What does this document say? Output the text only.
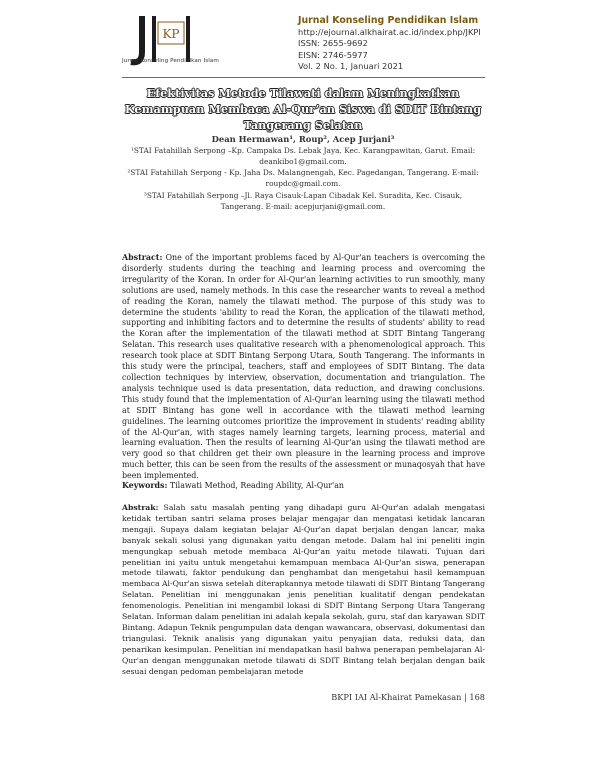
KP
Jurnal Konseling Pendidikan Islam
Jurnal Konseling Pendidikan Islam
http://ejournal.alkhairat.ac.id/index.php/JKPI
ISSN: 2655-9692
EISN: 2746-5977
Vol. 2 No. 1, Januari 2021
Efektivitas Metode Tilawati dalam Meningkatkan Kemampuan Membaca Al-Qur’an Siswa di SDIT Bintang Tangerang Selatan
Dean Hermawan¹, Roup², Acep Jurjani³
¹STAI Fatahillah Serpong –Kp. Campaka Ds. Lebak Jaya, Kec. Karangpawitan, Garut. Email: deankibo1@gmail.com.
²STAI Fatahillah Serpong - Kp. Jaha Ds. Malangnengah, Kec. Pagedangan, Tangerang. E-mail: roupdc@gmail.com.
³STAI Fatahillah Serpong –Jl. Raya Cisauk-Lapan Cibadak Kel. Suradita, Kec. Cisauk, Tangerang. E-mail: acepjurjani@gmail.com.
Abstract: One of the important problems faced by Al-Qur'an teachers is overcoming the disorderly students during the teaching and learning process and overcoming the irregularity of the Koran. In order for Al-Qur'an learning activities to run smoothly, many solutions are used, namely methods. In this case the researcher wants to reveal a method of reading the Koran, namely the tilawati method. The purpose of this study was to determine the students 'ability to read the Koran, the application of the tilawati method, supporting and inhibiting factors and to determine the results of students' ability to read the Koran after the implementation of the tilawati method at SDIT Bintang Tangerang Selatan. This research uses qualitative research with a phenomenological approach. This research took place at SDIT Bintang Serpong Utara, South Tangerang. The informants in this study were the principal, teachers, staff and employees of SDIT Bintang. The data collection techniques by interview, observation, documentation and triangulation. The analysis technique used is data presentation, data reduction, and drawing conclusions. This study found that the implementation of Al-Qur'an learning using the tilawati method at SDIT Bintang has gone well in accordance with the tilawati method learning guidelines. The learning outcomes prioritize the improvement in students' reading ability of the Al-Qur'an, with stages namely learning targets, learning process, material and learning evaluation. Then the results of learning Al-Qur'an using the tilawati method are very good so that children get their own pleasure in the learning process and improve much better, this can be seen from the results of the assessment or munaqosyah that have been implemented.
Keywords: Tilawati Method, Reading Ability, Al-Qur'an
Abstrak: Salah satu masalah penting yang dihadapi guru Al-Qur'an adalah mengatasi ketidak tertiban santri selama proses belajar mengajar dan mengatasi ketidak lancaran mengaji. Supaya dalam kegiatan belajar Al-Qur'an dapat berjalan dengan lancar, maka banyak sekali solusi yang digunakan yaitu dengan metode. Dalam hal ini peneliti ingin mengungkap sebuah metode membaca Al-Qur'an yaitu metode tilawati. Tujuan dari penelitian ini yaitu untuk mengetahui kemampuan membaca Al-Qur'an siswa, penerapan metode tilawati, faktor pendukung dan penghambat dan mengetahui hasil kemampuan membaca Al-Qur'an siswa setelah diterapkannya metode tilawati di SDIT Bintang Tangerang Selatan. Penelitian ini menggunakan jenis penelitian kualitatif dengan pendekatan fenomenologis. Penelitian ini mengambil lokasi di SDIT Bintang Serpong Utara Tangerang Selatan. Informan dalam penelitian ini adalah kepala sekolah, guru, staf dan karyawan SDIT Bintang. Adapun Teknik pengumpulan data dengan wawancara, observasi, dokumentasi dan triangulasi. Teknik analisis yang digunakan yaitu penyajian data, reduksi data, dan penarikan kesimpulan. Penelitian ini mendapatkan hasil bahwa penerapan pembelajaran Al-Qur'an dengan menggunakan metode tilawati di SDIT Bintang telah berjalan dengan baik sesuai dengan pedoman pembelajaran metode
BKPI IAI Al-Khairat Pamekasan | 168
